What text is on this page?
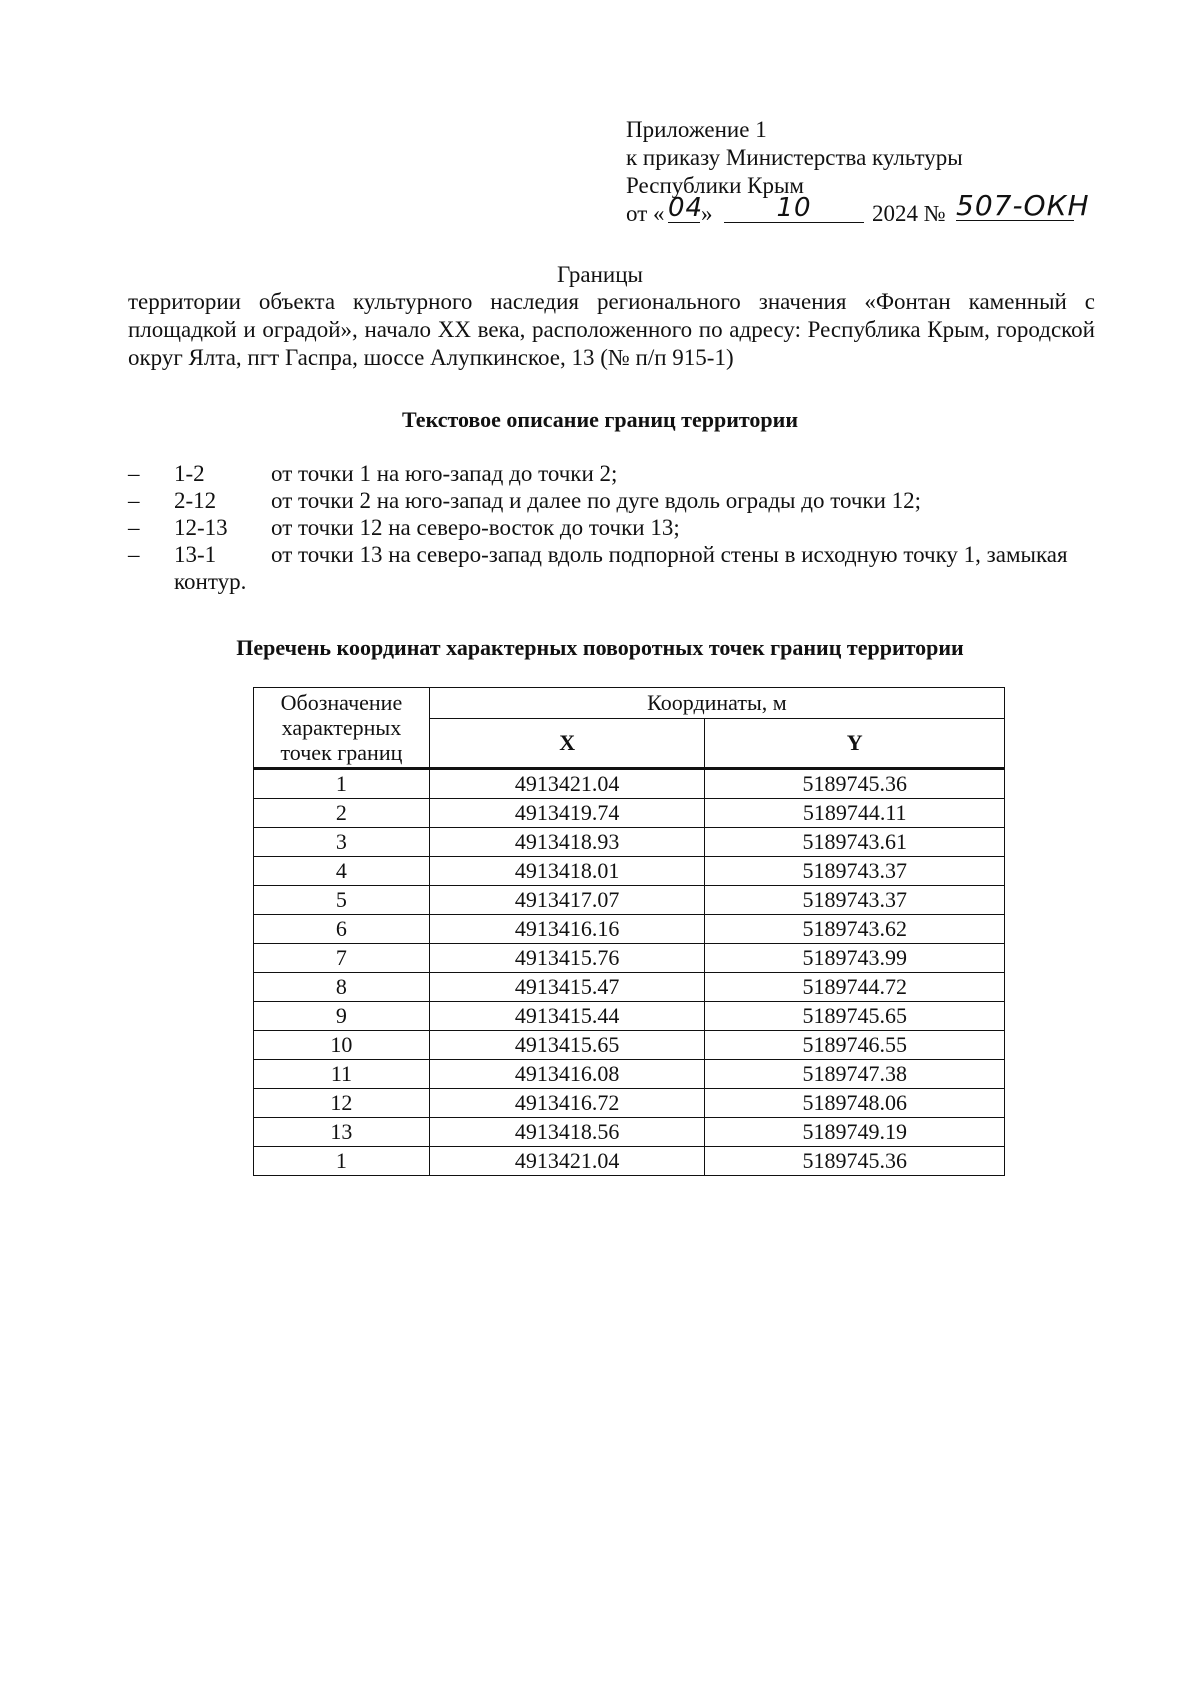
Приложение 1
к приказу Министерства культуры
Республики Крым
от « 04
»	10	2024 № 507-ОКН
Границы
территории объекта культурного наследия регионального значения «Фонтан каменный с площадкой и оградой», начало XX века, расположенного по адресу: Республика Крым, городской округ Ялта, пгт Гаспра, шоссе Алупкинское, 13 (№ п/п 915-1)
Текстовое описание границ территории
– 1-2	от точки 1 на юго-запад до точки 2;
– 2-12 от точки 2 на юго-запад и далее по дуге вдоль ограды до точки 12;
– 12-13 от точки 12 на северо-восток до точки 13;
– 13-1 от точки 13 на северо-запад вдоль подпорной стены в исходную точку 1, замыкая контур.
Перечень координат характерных поворотных точек границ территории
Обозначение характерных точек границ	Координаты, м	
	X	Y
1	4913421.04	5189745.36
2	4913419.74	5189744.11
3	4913418.93	5189743.61
4	4913418.01	5189743.37
5	4913417.07	5189743.37
6	4913416.16	5189743.62
7	4913415.76	5189743.99
8	4913415.47	5189744.72
9	4913415.44	5189745.65
10	4913415.65	5189746.55
11	4913416.08	5189747.38
12	4913416.72	5189748.06
13	4913418.56	5189749.19
1	4913421.04	5189745.36
